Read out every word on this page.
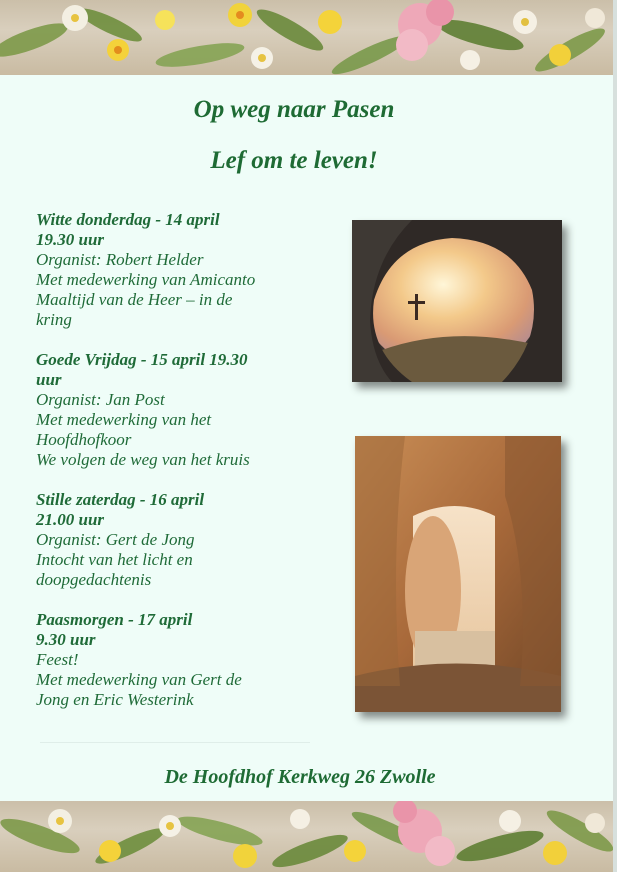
Op weg naar Pasen
Lef om te leven!
Witte donderdag - 14 april
19.30 uur
Organist: Robert Helder
Met medewerking van Amicanto
Maaltijd van de Heer – in de
kring
Goede Vrijdag - 15 april 19.30
uur
Organist: Jan Post
Met medewerking van het
Hoofdhofkoor
We volgen de weg van het kruis
Stille zaterdag - 16 april
21.00 uur
Organist: Gert de Jong
Intocht van het licht en
doopgedachtenis
Paasmorgen - 17 april
9.30 uur
Feest!
Met medewerking van Gert de
Jong en Eric Westerink
De Hoofdhof Kerkweg 26 Zwolle
